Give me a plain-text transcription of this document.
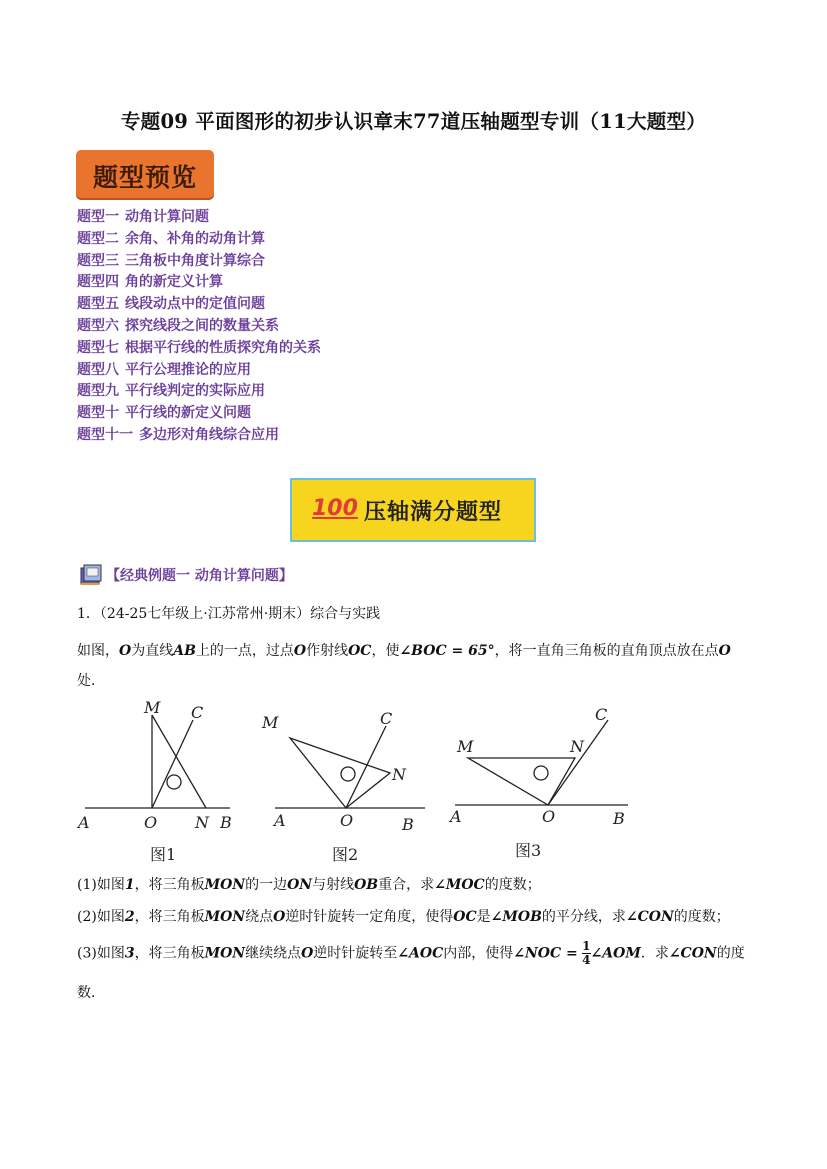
专题09 平面图形的初步认识章末77道压轴题型专训（11大题型）
题型预览
题型一 动角计算问题
题型二 余角、补角的动角计算
题型三 三角板中角度计算综合
题型四 角的新定义计算
题型五 线段动点中的定值问题
题型六 探究线段之间的数量关系
题型七 根据平行线的性质探究角的关系
题型八 平行公理推论的应用
题型九 平行线判定的实际应用
题型十 平行线的新定义问题
题型十一 多边形对角线综合应用
100 压轴满分题型
【经典例题一 动角计算问题】
1．（24-25七年级上·江苏常州·期末）综合与实践
如图，O为直线AB上的一点，过点O作射线OC，使∠BOC = 65°，将一直角三角板的直角顶点放在点O
处．
M C
A	O N B
图1
M	C
N
A	O	B
图2
M
C
N
A	O	B
图3
(1)如图1，将三角板MON的一边ON与射线OB重合，求∠MOC的度数；
(2)如图2，将三角板MON绕点O逆时针旋转一定角度，使得OC是∠MOB的平分线，求∠CON的度数；
(3)如图3，将三角板MON继续绕点O逆时针旋转至∠AOC内部，使得∠NOC = $\frac{1}{4}$ ∠AOM．求∠CON的度
数．
